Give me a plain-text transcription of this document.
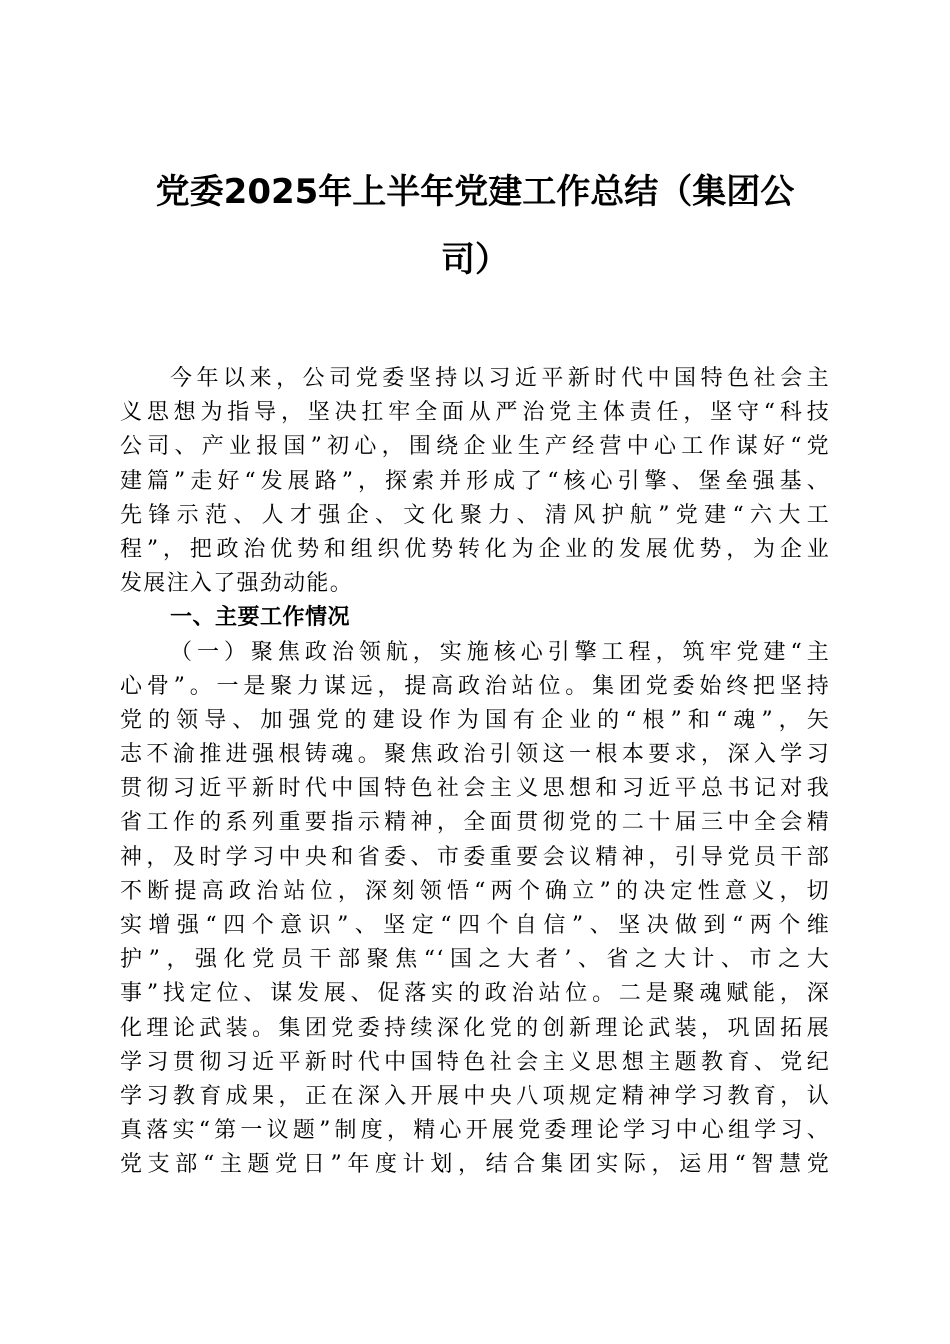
党委2025年上半年党建工作总结（集团公
司）
今年以来，公司党委坚持以习近平新时代中国特色社会主
义思想为指导，坚决扛牢全面从严治党主体责任，坚守“科技
公司、产业报国”初心，围绕企业生产经营中心工作谋好“党
建篇”走好“发展路”，探索并形成了“核心引擎、堡垒强基、
先锋示范、人才强企、文化聚力、清风护航”党建“六大工
程”，把政治优势和组织优势转化为企业的发展优势，为企业
发展注入了强劲动能。
一、主要工作情况
（一）聚焦政治领航，实施核心引擎工程，筑牢党建“主
心骨”。一是聚力谋远，提高政治站位。集团党委始终把坚持
党的领导、加强党的建设作为国有企业的“根”和“魂”，矢
志不渝推进强根铸魂。聚焦政治引领这一根本要求，深入学习
贯彻习近平新时代中国特色社会主义思想和习近平总书记对我
省工作的系列重要指示精神，全面贯彻党的二十届三中全会精
神，及时学习中央和省委、市委重要会议精神，引导党员干部
不断提高政治站位，深刻领悟“两个确立”的决定性意义，切
实增强“四个意识”、坚定“四个自信”、坚决做到“两个维
护”，强化党员干部聚焦“‘国之大者’、省之大计、市之大
事”找定位、谋发展、促落实的政治站位。二是聚魂赋能，深
化理论武装。集团党委持续深化党的创新理论武装，巩固拓展
学习贯彻习近平新时代中国特色社会主义思想主题教育、党纪
学习教育成果，正在深入开展中央八项规定精神学习教育，认
真落实“第一议题”制度，精心开展党委理论学习中心组学习、
党支部“主题党日”年度计划，结合集团实际，运用“智慧党
